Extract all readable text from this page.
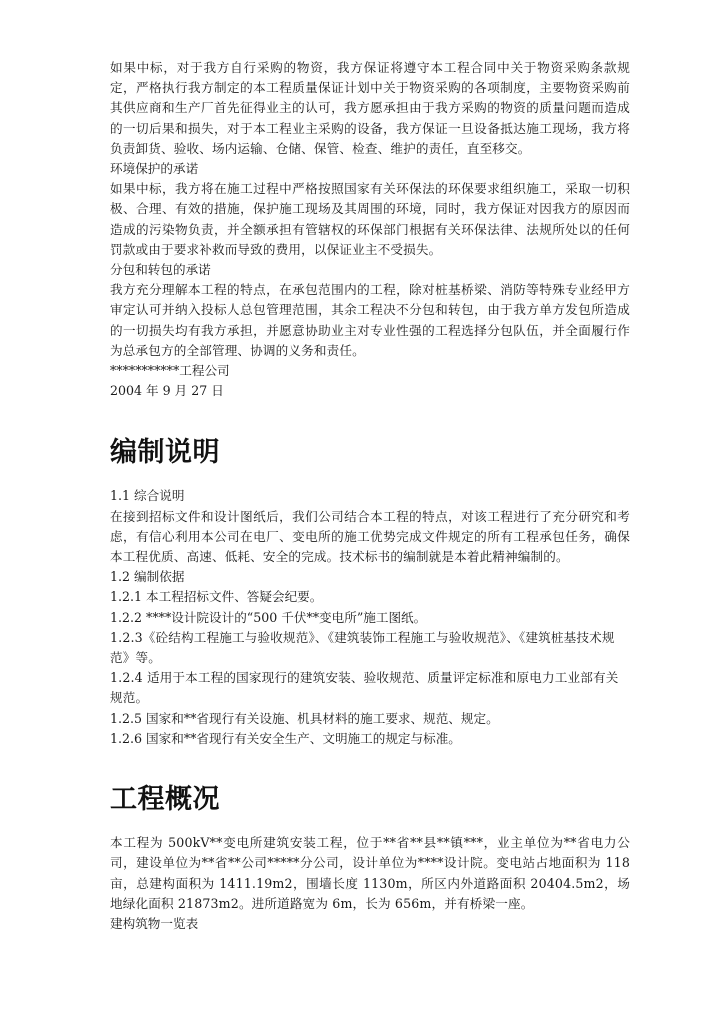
如果中标，对于我方自行采购的物资，我方保证将遵守本工程合同中关于物资采购条款规定，严格执行我方制定的本工程质量保证计划中关于物资采购的各项制度，主要物资采购前其供应商和生产厂首先征得业主的认可，我方愿承担由于我方采购的物资的质量问题而造成的一切后果和损失，对于本工程业主采购的设备，我方保证一旦设备抵达施工现场，我方将负责卸货、验收、场内运输、仓储、保管、检查、维护的责任，直至移交。

环境保护的承诺

如果中标，我方将在施工过程中严格按照国家有关环保法的环保要求组织施工，采取一切积极、合理、有效的措施，保护施工现场及其周围的环境，同时，我方保证对因我方的原因而造成的污染物负责，并全额承担有管辖权的环保部门根据有关环保法律、法规所处以的任何罚款或由于要求补救而导致的费用，以保证业主不受损失。

分包和转包的承诺

我方充分理解本工程的特点，在承包范围内的工程，除对桩基桥梁、消防等特殊专业经甲方审定认可并纳入投标人总包管理范围，其余工程决不分包和转包，由于我方单方发包所造成的一切损失均有我方承担，并愿意协助业主对专业性强的工程选择分包队伍，并全面履行作为总承包方的全部管理、协调的义务和责任。

***********工程公司

2004 年 9 月 27 日

编制说明

1.1 综合说明

在接到招标文件和设计图纸后，我们公司结合本工程的特点，对该工程进行了充分研究和考虑，有信心利用本公司在电厂、变电所的施工优势完成文件规定的所有工程承包任务，确保本工程优质、高速、低耗、安全的完成。技术标书的编制就是本着此精神编制的。

1.2 编制依据

1.2.1 本工程招标文件、答疑会纪要。

1.2.2 ****设计院设计的“500 千伏**变电所”施工图纸。

1.2.3《砼结构工程施工与验收规范》、《建筑装饰工程施工与验收规范》、《建筑桩基技术规范》等。

1.2.4 适用于本工程的国家现行的建筑安装、验收规范、质量评定标准和原电力工业部有关规范。

1.2.5 国家和**省现行有关设施、机具材料的施工要求、规范、规定。

1.2.6 国家和**省现行有关安全生产、文明施工的规定与标准。

工程概况

本工程为 500kV**变电所建筑安装工程，位于**省**县**镇***，业主单位为**省电力公司，建设单位为**省**公司*****分公司，设计单位为****设计院。变电站占地面积为 118 亩，总建构面积为 1411.19m2，围墙长度 1130m，所区内外道路面积 20404.5m2，场地绿化面积 21873m2。进所道路宽为 6m，长为 656m，并有桥梁一座。

建构筑物一览表
